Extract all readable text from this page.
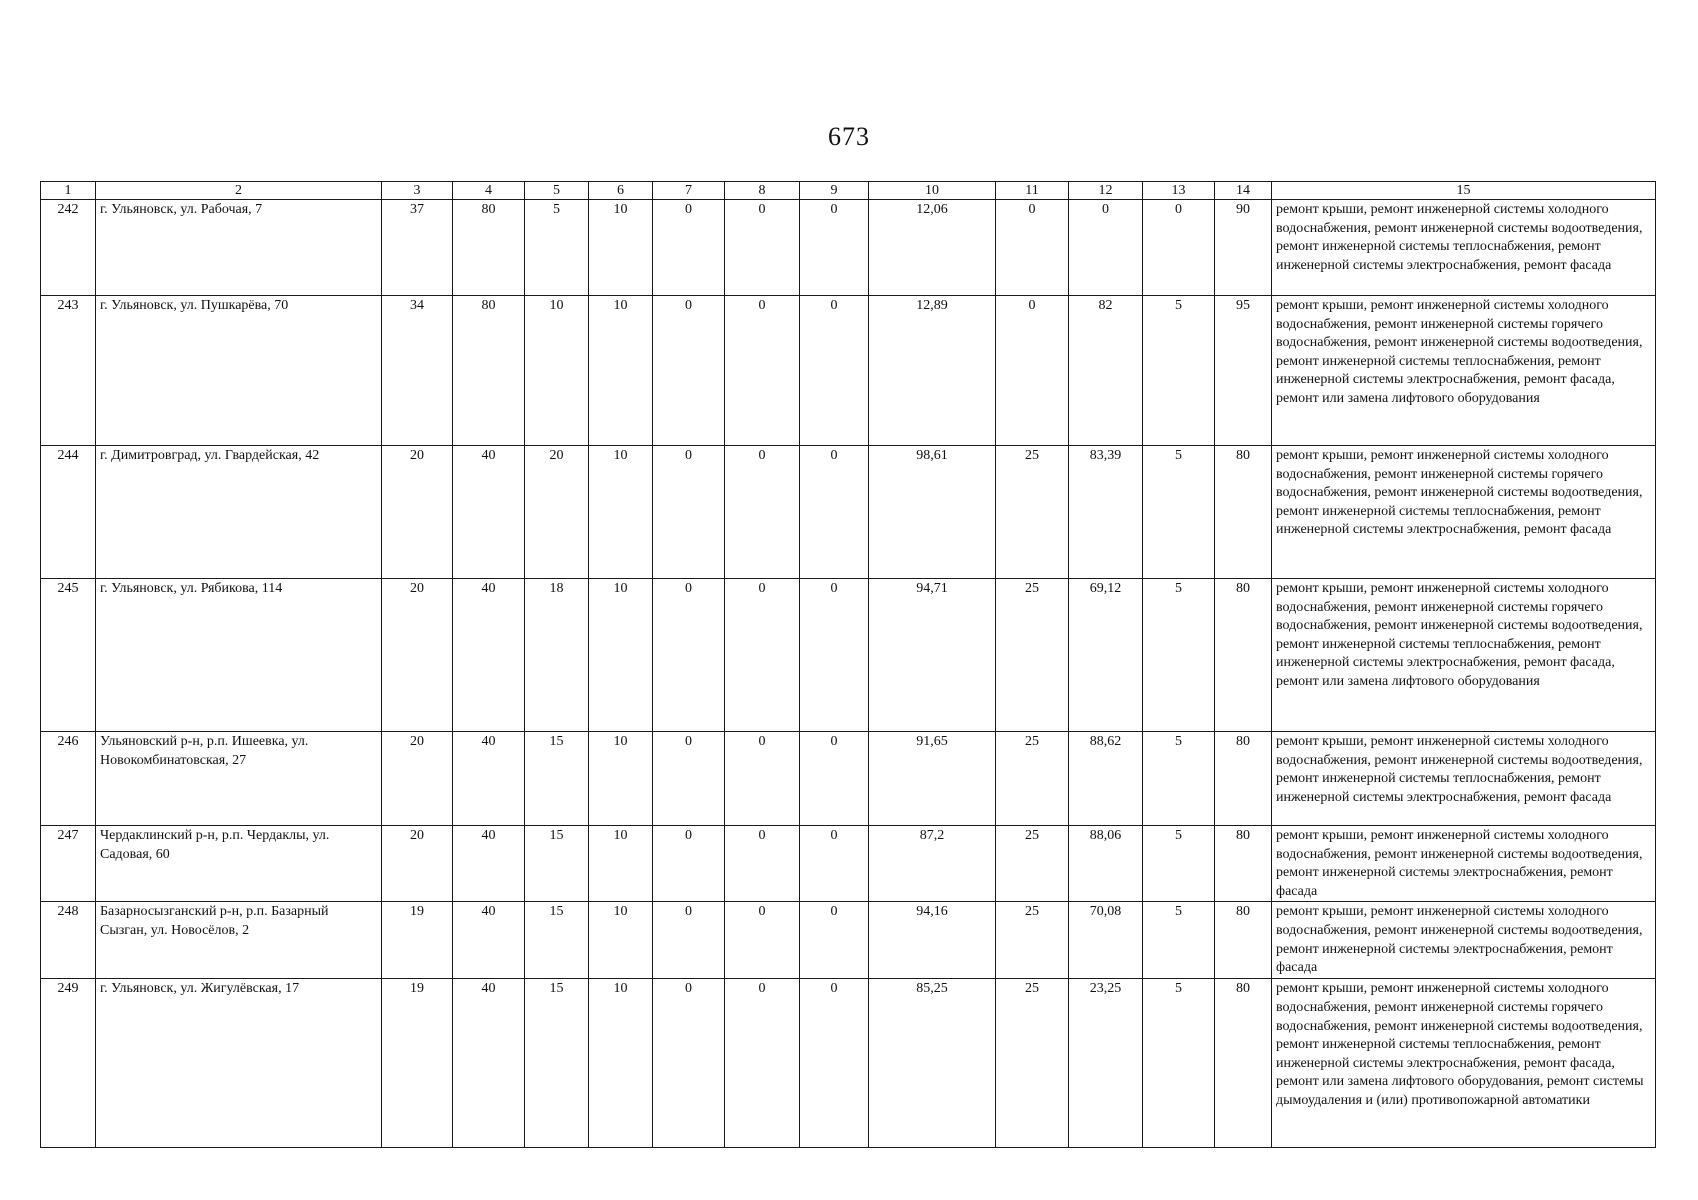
673
1	2	3	4	5	6	7	8	9	10	11	12	13	14	15
242	г. Ульяновск, ул. Рабочая, 7	37	80	5	10	0	0	0	12,06	0	0	0	90	ремонт крыши, ремонт инженерной системы холодного водоснабжения, ремонт инженерной системы водоотведения, ремонт инженерной системы теплоснабжения, ремонт инженерной системы электроснабжения, ремонт фасада
243	г. Ульяновск, ул. Пушкарёва, 70	34	80	10	10	0	0	0	12,89	0	82	5	95	ремонт крыши, ремонт инженерной системы холодного водоснабжения, ремонт инженерной системы горячего водоснабжения, ремонт инженерной системы водоотведения, ремонт инженерной системы теплоснабжения, ремонт инженерной системы электроснабжения, ремонт фасада, ремонт или замена лифтового оборудования
244	г. Димитровград, ул. Гвардейская, 42	20	40	20	10	0	0	0	98,61	25	83,39	5	80	ремонт крыши, ремонт инженерной системы холодного водоснабжения, ремонт инженерной системы горячего водоснабжения, ремонт инженерной системы водоотведения, ремонт инженерной системы теплоснабжения, ремонт инженерной системы электроснабжения, ремонт фасада
245	г. Ульяновск, ул. Рябикова, 114	20	40	18	10	0	0	0	94,71	25	69,12	5	80	ремонт крыши, ремонт инженерной системы холодного водоснабжения, ремонт инженерной системы горячего водоснабжения, ремонт инженерной системы водоотведения, ремонт инженерной системы теплоснабжения, ремонт инженерной системы электроснабжения, ремонт фасада, ремонт или замена лифтового оборудования
246	Ульяновский р-н, р.п. Ишеевка, ул. Новокомбинатовская, 27	20	40	15	10	0	0	0	91,65	25	88,62	5	80	ремонт крыши, ремонт инженерной системы холодного водоснабжения, ремонт инженерной системы водоотведения, ремонт инженерной системы теплоснабжения, ремонт инженерной системы электроснабжения, ремонт фасада
247	Чердаклинский р-н, р.п. Чердаклы, ул. Садовая, 60	20	40	15	10	0	0	0	87,2	25	88,06	5	80	ремонт крыши, ремонт инженерной системы холодного водоснабжения, ремонт инженерной системы водоотведения, ремонт инженерной системы электроснабжения, ремонт фасада
248	Базарносызганский р-н, р.п. Базарный Сызган, ул. Новосёлов, 2	19	40	15	10	0	0	0	94,16	25	70,08	5	80	ремонт крыши, ремонт инженерной системы холодного водоснабжения, ремонт инженерной системы водоотведения, ремонт инженерной системы электроснабжения, ремонт фасада
249	г. Ульяновск, ул. Жигулёвская, 17	19	40	15	10	0	0	0	85,25	25	23,25	5	80	ремонт крыши, ремонт инженерной системы холодного водоснабжения, ремонт инженерной системы горячего водоснабжения, ремонт инженерной системы водоотведения, ремонт инженерной системы теплоснабжения, ремонт инженерной системы электроснабжения, ремонт фасада, ремонт или замена лифтового оборудования, ремонт системы дымоудаления и (или) противопожарной автоматики
